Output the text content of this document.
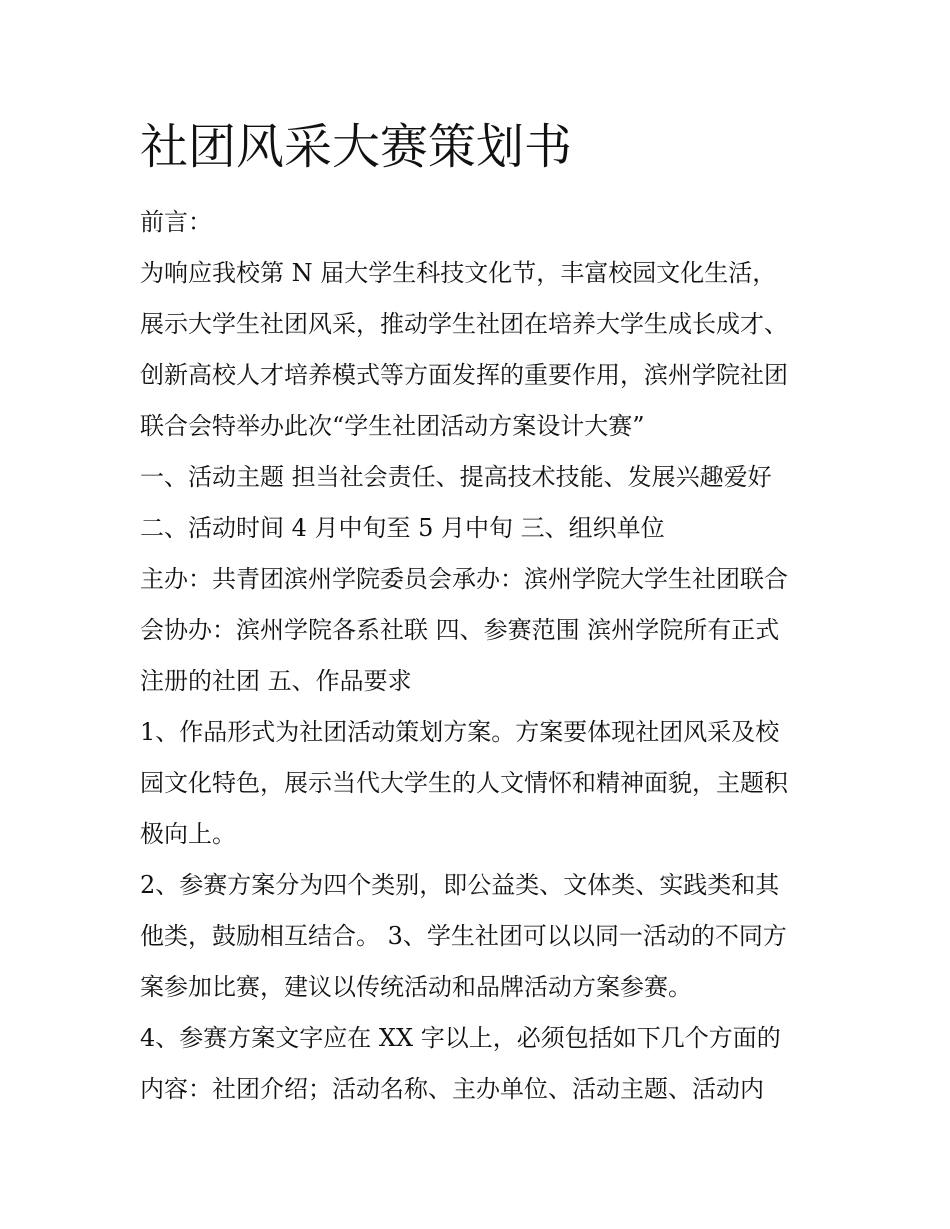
社团风采大赛策划书

前言：

为响应我校第 N 届大学生科技文化节，丰富校园文化生活，

展示大学生社团风采，推动学生社团在培养大学生成长成才、

创新高校人才培养模式等方面发挥的重要作用，滨州学院社团

联合会特举办此次“学生社团活动方案设计大赛”

一、活动主题 担当社会责任、提高技术技能、发展兴趣爱好

二、活动时间 4 月中旬至 5 月中旬 三、组织单位

主办：共青团滨州学院委员会承办：滨州学院大学生社团联合

会协办：滨州学院各系社联 四、参赛范围 滨州学院所有正式

注册的社团 五、作品要求

1、作品形式为社团活动策划方案。方案要体现社团风采及校

园文化特色，展示当代大学生的人文情怀和精神面貌，主题积

极向上。

2、参赛方案分为四个类别，即公益类、文体类、实践类和其

他类，鼓励相互结合。 3、学生社团可以以同一活动的不同方

案参加比赛，建议以传统活动和品牌活动方案参赛。

4、参赛方案文字应在 XX 字以上，必须包括如下几个方面的

内容：社团介绍；活动名称、主办单位、活动主题、活动内
